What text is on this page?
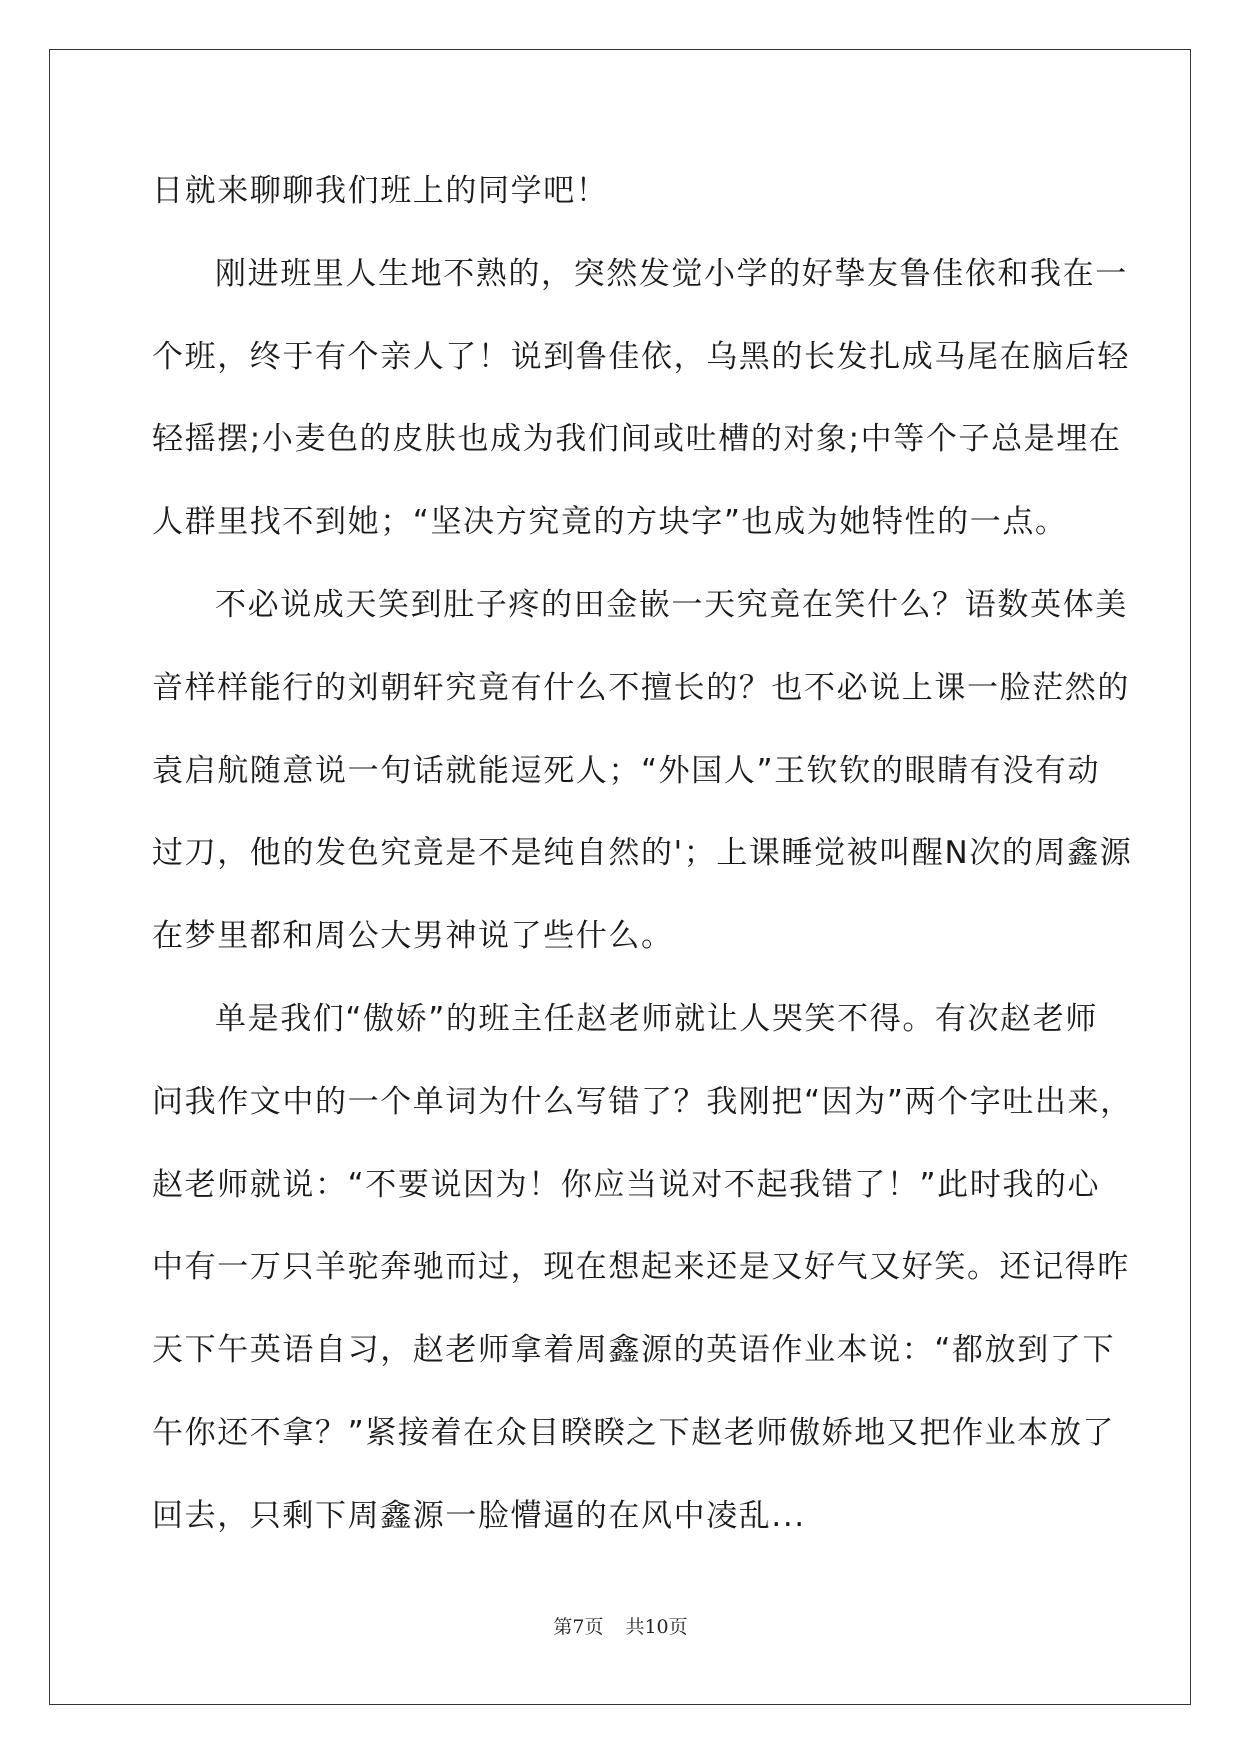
日就来聊聊我们班上的同学吧！
刚进班里人生地不熟的，突然发觉小学的好挚友鲁佳依和我在一
个班，终于有个亲人了！说到鲁佳依，乌黑的长发扎成马尾在脑后轻
轻摇摆;小麦色的皮肤也成为我们间或吐槽的对象;中等个子总是埋在
人群里找不到她；“坚决方究竟的方块字”也成为她特性的一点。
不必说成天笑到肚子疼的田金嵌一天究竟在笑什么？语数英体美
音样样能行的刘朝轩究竟有什么不擅长的？也不必说上课一脸茫然的
袁启航随意说一句话就能逗死人；“外国人”王钦钦的眼睛有没有动
过刀，他的发色究竟是不是纯自然的'；上课睡觉被叫醒N次的周鑫源
在梦里都和周公大男神说了些什么。
单是我们“傲娇”的班主任赵老师就让人哭笑不得。有次赵老师
问我作文中的一个单词为什么写错了？我刚把“因为”两个字吐出来，
赵老师就说：“不要说因为！你应当说对不起我错了！”此时我的心
中有一万只羊驼奔驰而过，现在想起来还是又好气又好笑。还记得昨
天下午英语自习，赵老师拿着周鑫源的英语作业本说：“都放到了下
午你还不拿？”紧接着在众目睽睽之下赵老师傲娇地又把作业本放了
回去，只剩下周鑫源一脸懵逼的在风中凌乱...
第7页 共10页
